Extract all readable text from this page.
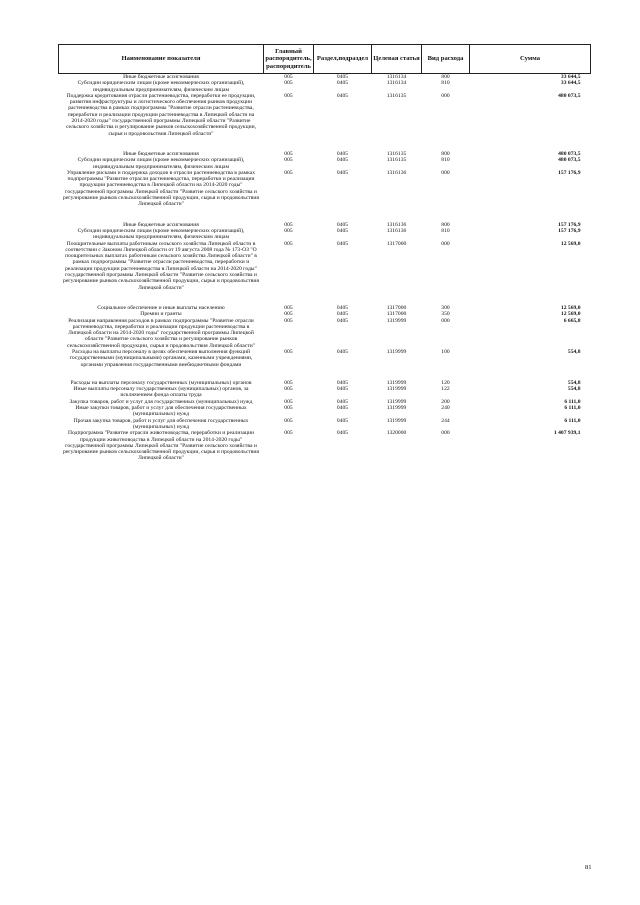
Наименование показателя	Главный распорядитель, распорядитель	Раздел,подраздел	Целевая статья	Вид расхода	Сумма
Иные бюджетные ассигнования	005	0405	1316134	800	33 644,5
Субсидии юридическим лицам (кроме некоммерческих организаций), индивидуальным предпринимателям, физическим лицам	005	0405	1316134	810	33 644,5
Поддержка кредитования отрасли растениеводства, переработки ее продукции, развития инфраструктуры и логистического обеспечения рынков продукции растениеводства в рамках подпрограммы "Развитие отрасли растениеводства, переработки и реализации продукции растениеводства в Липецкой области на 2014-2020 годы" государственной программы Липецкой области "Развитие сельского хозяйства и регулирование рынков сельскохозяйственной продукции, сырья и продовольствия Липецкой области"	005	0405	1316135	000	480 073,5
Иные бюджетные ассигнования	005	0405	1316135	800	480 073,5
Субсидии юридическим лицам (кроме некоммерческих организаций), индивидуальным предпринимателям, физическим лицам	005	0405	1316135	810	480 073,5
Управление рисками и поддержка доходов в отрасли растениеводства в рамках подпрограммы "Развитие отрасли растениеводства, переработки и реализации продукции растениеводства в Липецкой области на 2014-2020 годы" государственной программы Липецкой области "Развитие сельского хозяйства и регулирование рынков сельскохозяйственной продукции, сырья и продовольствия Липецкой области"	005	0405	1316136	000	157 176,9
Иные бюджетные ассигнования	005	0405	1316136	800	157 176,9
Субсидии юридическим лицам (кроме некоммерческих организаций), индивидуальным предпринимателям, физическим лицам	005	0405	1316136	810	157 176,9
Поощрительные выплаты работникам сельского хозяйства Липецкой области в соответствии с Законом Липецкой области от 19 августа 2008 года № 173-ОЗ "О поощрительных выплатах работникам сельского хозяйства Липецкой области" в рамках подпрограммы "Развитие отрасли растениеводства, переработки и реализации продукции растениеводства в Липецкой области на 2014-2020 годы" государственной программы Липецкой области "Развитие сельского хозяйства и регулирование рынков сельскохозяйственной продукции, сырья и продовольствия Липецкой области"	005	0405	1317000	000	12 569,0
Социальное обеспечение и иные выплаты населению	005	0405	1317000	300	12 569,0
Премии и гранты	005	0405	1317000	350	12 569,0
Реализация направления расходов в рамках подпрограммы "Развитие отрасли растениеводства, переработки и реализации продукции растениеводства в Липецкой области на 2014-2020 годы" государственной программы Липецкой области "Развитие сельского хозяйства и регулирование рынков сельскохозяйственной продукции, сырья и продовольствия Липецкой области"	005	0405	1319999	000	6 665,8
Расходы на выплаты персоналу в целях обеспечения выполнения функций государственными (муниципальными) органами, казенными учреждениями, органами управления государственными внебюджетными фондами	005	0405	1319999	100	554,8
Расходы на выплаты персоналу государственных (муниципальных) органов	005	0405	1319999	120	554,8
Иные выплаты персоналу государственных (муниципальных) органов, за исключением фонда оплаты труда	005	0405	1319999	122	554,8
Закупка товаров, работ и услуг для государственных (муниципальных) нужд	005	0405	1319999	200	6 111,0
Иные закупки товаров, работ и услуг для обеспечения государственных (муниципальных) нужд	005	0405	1319999	240	6 111,0
Прочая закупка товаров, работ и услуг для обеспечения государственных (муниципальных) нужд	005	0405	1319999	244	6 111,0
Подпрограмма "Развитие отрасли животноводства, переработки и реализации продукции животноводства в Липецкой области на 2014-2020 годы" государственной программы Липецкой области "Развитие сельского хозяйства и регулирование рынков сельскохозяйственной продукции, сырья и продовольствия Липецкой области"	005	0405	1320000	000	1 407 939,1
81
